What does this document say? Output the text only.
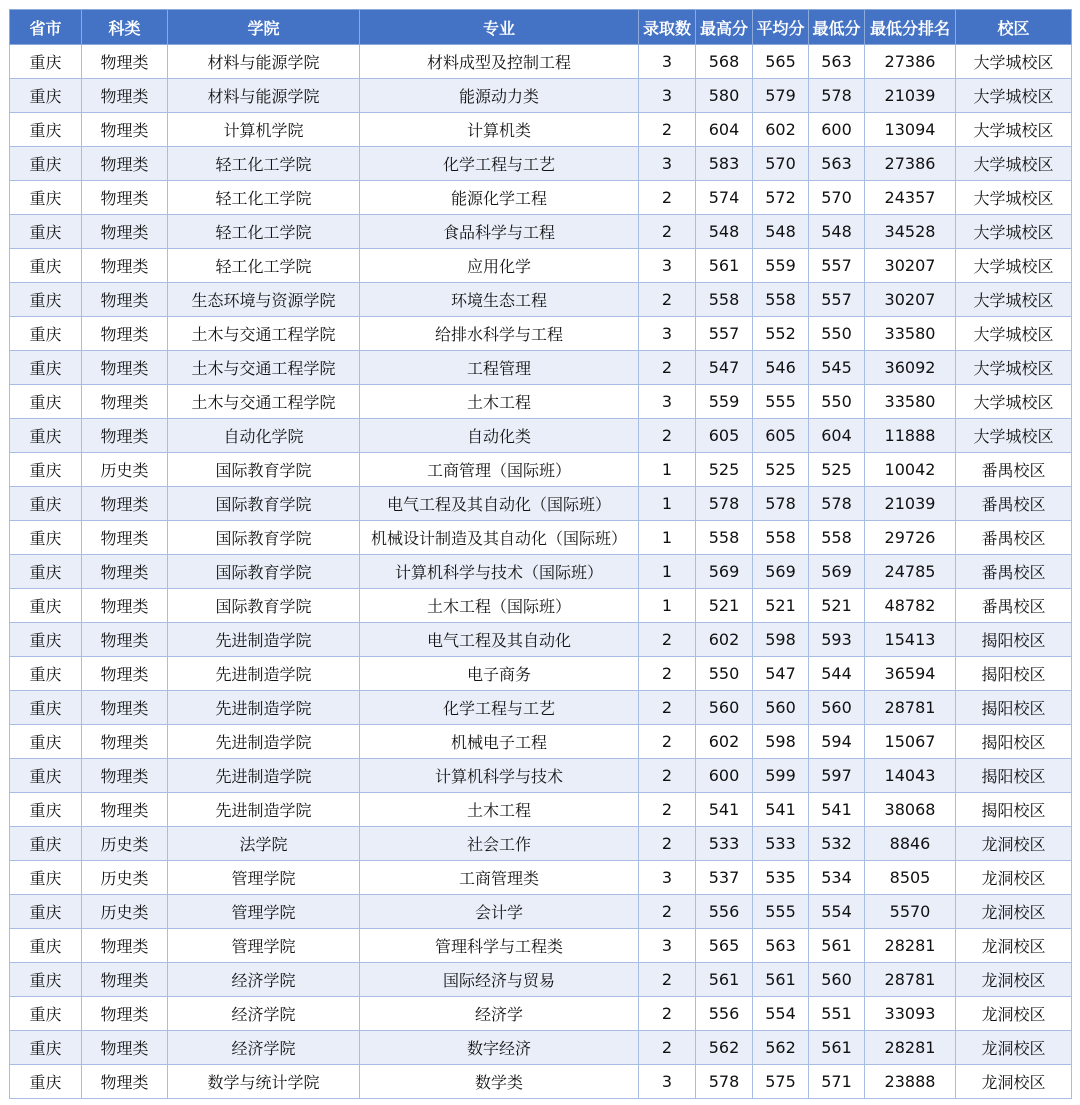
省市	科类	学院	专业	录取数	最高分	平均分	最低分	最低分排名	校区
重庆	物理类	材料与能源学院	材料成型及控制工程	3	568	565	563	27386	大学城校区
重庆	物理类	材料与能源学院	能源动力类	3	580	579	578	21039	大学城校区
重庆	物理类	计算机学院	计算机类	2	604	602	600	13094	大学城校区
重庆	物理类	轻工化工学院	化学工程与工艺	3	583	570	563	27386	大学城校区
重庆	物理类	轻工化工学院	能源化学工程	2	574	572	570	24357	大学城校区
重庆	物理类	轻工化工学院	食品科学与工程	2	548	548	548	34528	大学城校区
重庆	物理类	轻工化工学院	应用化学	3	561	559	557	30207	大学城校区
重庆	物理类	生态环境与资源学院	环境生态工程	2	558	558	557	30207	大学城校区
重庆	物理类	土木与交通工程学院	给排水科学与工程	3	557	552	550	33580	大学城校区
重庆	物理类	土木与交通工程学院	工程管理	2	547	546	545	36092	大学城校区
重庆	物理类	土木与交通工程学院	土木工程	3	559	555	550	33580	大学城校区
重庆	物理类	自动化学院	自动化类	2	605	605	604	11888	大学城校区
重庆	历史类	国际教育学院	工商管理（国际班）	1	525	525	525	10042	番禺校区
重庆	物理类	国际教育学院	电气工程及其自动化（国际班）	1	578	578	578	21039	番禺校区
重庆	物理类	国际教育学院	机械设计制造及其自动化（国际班）	1	558	558	558	29726	番禺校区
重庆	物理类	国际教育学院	计算机科学与技术（国际班）	1	569	569	569	24785	番禺校区
重庆	物理类	国际教育学院	土木工程（国际班）	1	521	521	521	48782	番禺校区
重庆	物理类	先进制造学院	电气工程及其自动化	2	602	598	593	15413	揭阳校区
重庆	物理类	先进制造学院	电子商务	2	550	547	544	36594	揭阳校区
重庆	物理类	先进制造学院	化学工程与工艺	2	560	560	560	28781	揭阳校区
重庆	物理类	先进制造学院	机械电子工程	2	602	598	594	15067	揭阳校区
重庆	物理类	先进制造学院	计算机科学与技术	2	600	599	597	14043	揭阳校区
重庆	物理类	先进制造学院	土木工程	2	541	541	541	38068	揭阳校区
重庆	历史类	法学院	社会工作	2	533	533	532	8846	龙洞校区
重庆	历史类	管理学院	工商管理类	3	537	535	534	8505	龙洞校区
重庆	历史类	管理学院	会计学	2	556	555	554	5570	龙洞校区
重庆	物理类	管理学院	管理科学与工程类	3	565	563	561	28281	龙洞校区
重庆	物理类	经济学院	国际经济与贸易	2	561	561	560	28781	龙洞校区
重庆	物理类	经济学院	经济学	2	556	554	551	33093	龙洞校区
重庆	物理类	经济学院	数字经济	2	562	562	561	28281	龙洞校区
重庆	物理类	数学与统计学院	数学类	3	578	575	571	23888	龙洞校区
